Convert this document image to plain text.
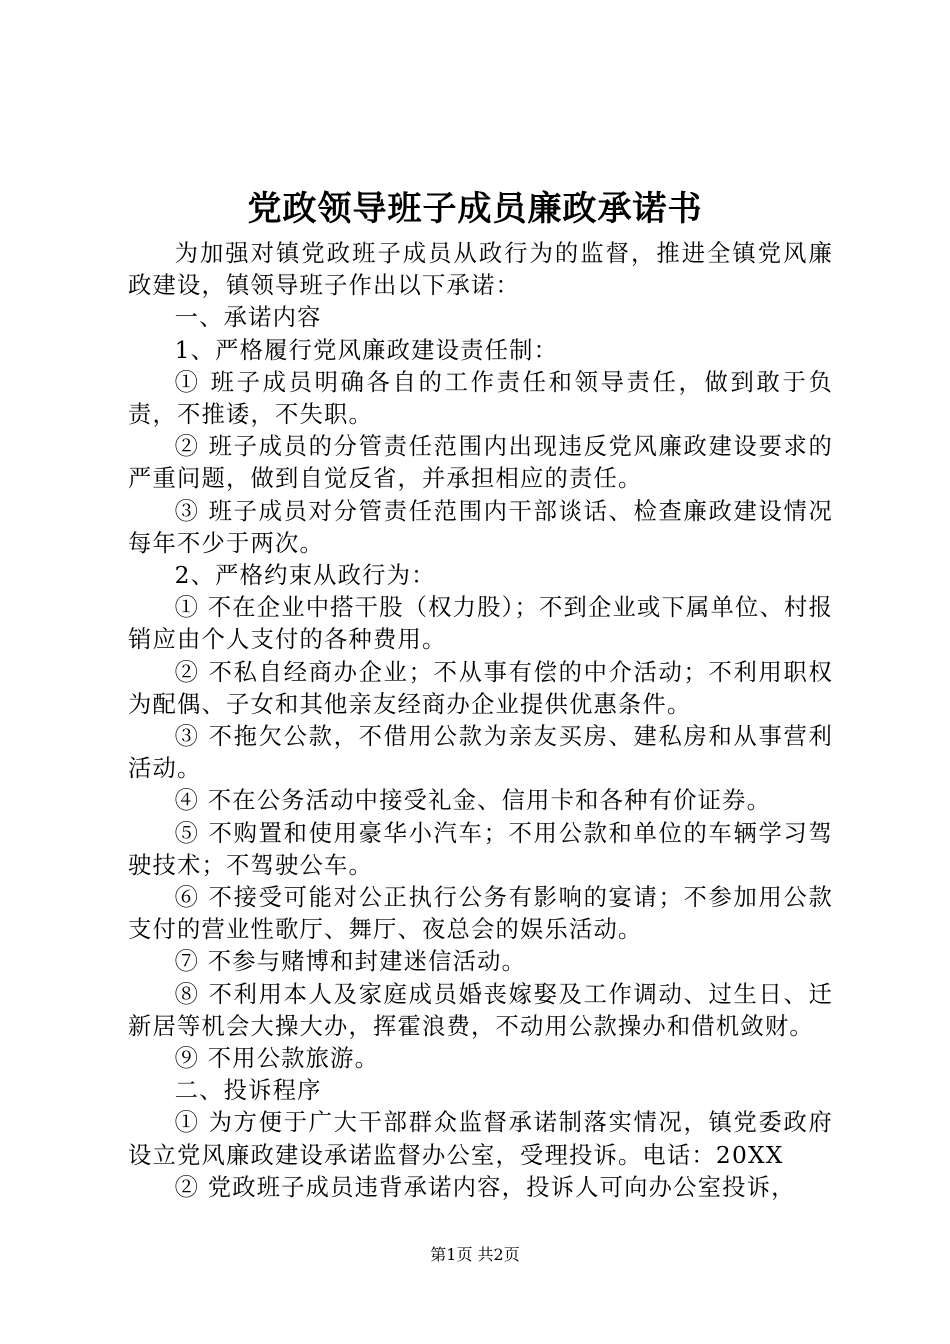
党政领导班子成员廉政承诺书

为加强对镇党政班子成员从政行为的监督，推进全镇党风廉政建设，镇领导班子作出以下承诺：

一、承诺内容

1、严格履行党风廉政建设责任制：

① 班子成员明确各自的工作责任和领导责任，做到敢于负责，不推诿，不失职。

② 班子成员的分管责任范围内出现违反党风廉政建设要求的严重问题，做到自觉反省，并承担相应的责任。

③ 班子成员对分管责任范围内干部谈话、检查廉政建设情况每年不少于两次。

2、严格约束从政行为：

① 不在企业中搭干股（权力股）；不到企业或下属单位、村报销应由个人支付的各种费用。

② 不私自经商办企业；不从事有偿的中介活动；不利用职权为配偶、子女和其他亲友经商办企业提供优惠条件。

③ 不拖欠公款，不借用公款为亲友买房、建私房和从事营利活动。

④ 不在公务活动中接受礼金、信用卡和各种有价证券。

⑤ 不购置和使用豪华小汽车；不用公款和单位的车辆学习驾驶技术；不驾驶公车。

⑥ 不接受可能对公正执行公务有影响的宴请；不参加用公款支付的营业性歌厅、舞厅、夜总会的娱乐活动。

⑦ 不参与赌博和封建迷信活动。

⑧ 不利用本人及家庭成员婚丧嫁娶及工作调动、过生日、迁新居等机会大操大办，挥霍浪费，不动用公款操办和借机敛财。

⑨ 不用公款旅游。

二、投诉程序

① 为方便于广大干部群众监督承诺制落实情况，镇党委政府设立党风廉政建设承诺监督办公室，受理投诉。电话：20XX

② 党政班子成员违背承诺内容，投诉人可向办公室投诉，

第1页 共2页
